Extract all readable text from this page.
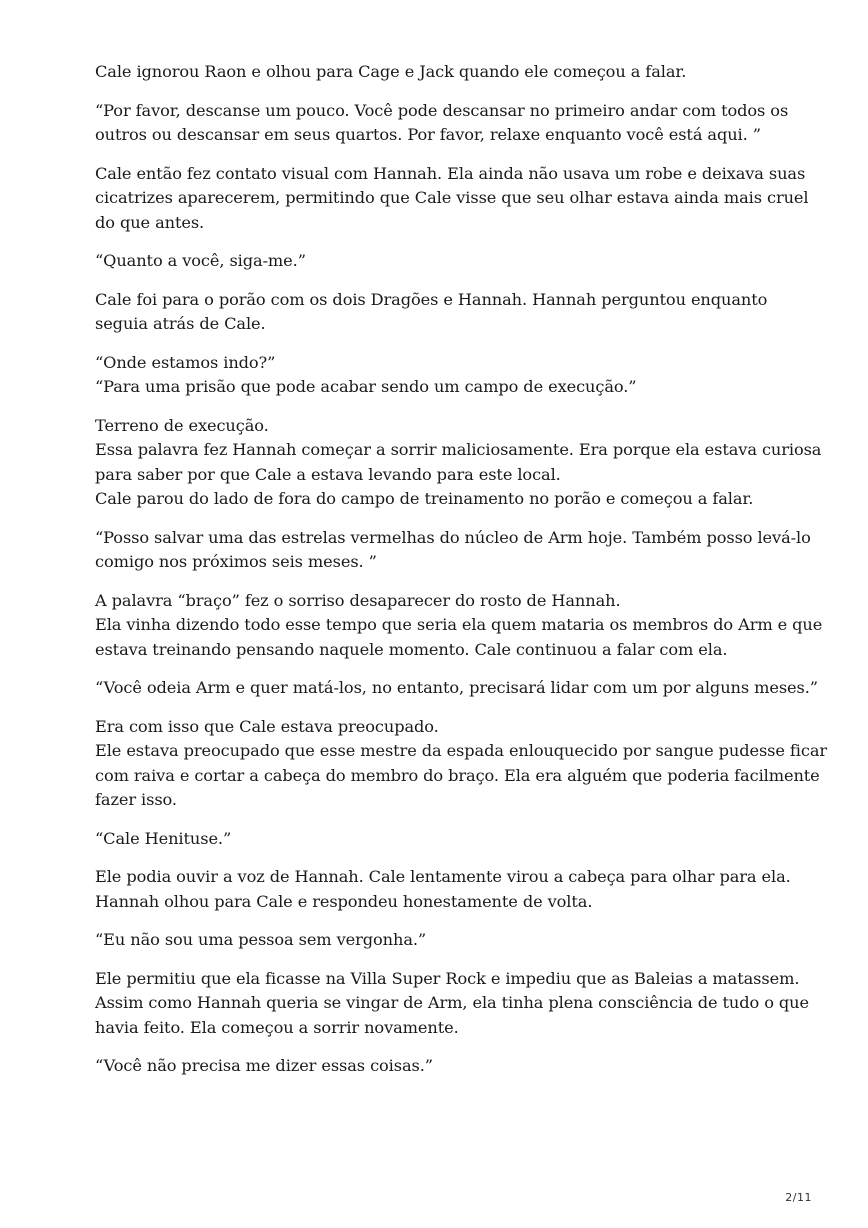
Cale ignorou Raon e olhou para Cage e Jack quando ele começou a falar.

“Por favor, descanse um pouco. Você pode descansar no primeiro andar com todos os
outros ou descansar em seus quartos. Por favor, relaxe enquanto você está aqui. ”

Cale então fez contato visual com Hannah. Ela ainda não usava um robe e deixava suas
cicatrizes aparecerem, permitindo que Cale visse que seu olhar estava ainda mais cruel
do que antes.

“Quanto a você, siga-me.”

Cale foi para o porão com os dois Dragões e Hannah. Hannah perguntou enquanto
seguia atrás de Cale.

“Onde estamos indo?”
“Para uma prisão que pode acabar sendo um campo de execução.”

Terreno de execução.
Essa palavra fez Hannah começar a sorrir maliciosamente. Era porque ela estava curiosa
para saber por que Cale a estava levando para este local.
Cale parou do lado de fora do campo de treinamento no porão e começou a falar.

“Posso salvar uma das estrelas vermelhas do núcleo de Arm hoje. Também posso levá-lo
comigo nos próximos seis meses. ”

A palavra “braço” fez o sorriso desaparecer do rosto de Hannah.
Ela vinha dizendo todo esse tempo que seria ela quem mataria os membros do Arm e que
estava treinando pensando naquele momento. Cale continuou a falar com ela.

“Você odeia Arm e quer matá-los, no entanto, precisará lidar com um por alguns meses.”

Era com isso que Cale estava preocupado.
Ele estava preocupado que esse mestre da espada enlouquecido por sangue pudesse ficar
com raiva e cortar a cabeça do membro do braço. Ela era alguém que poderia facilmente
fazer isso.

“Cale Henituse.”

Ele podia ouvir a voz de Hannah. Cale lentamente virou a cabeça para olhar para ela.
Hannah olhou para Cale e respondeu honestamente de volta.

“Eu não sou uma pessoa sem vergonha.”

Ele permitiu que ela ficasse na Villa Super Rock e impediu que as Baleias a matassem.
Assim como Hannah queria se vingar de Arm, ela tinha plena consciência de tudo o que
havia feito. Ela começou a sorrir novamente.

“Você não precisa me dizer essas coisas.”

2/11
